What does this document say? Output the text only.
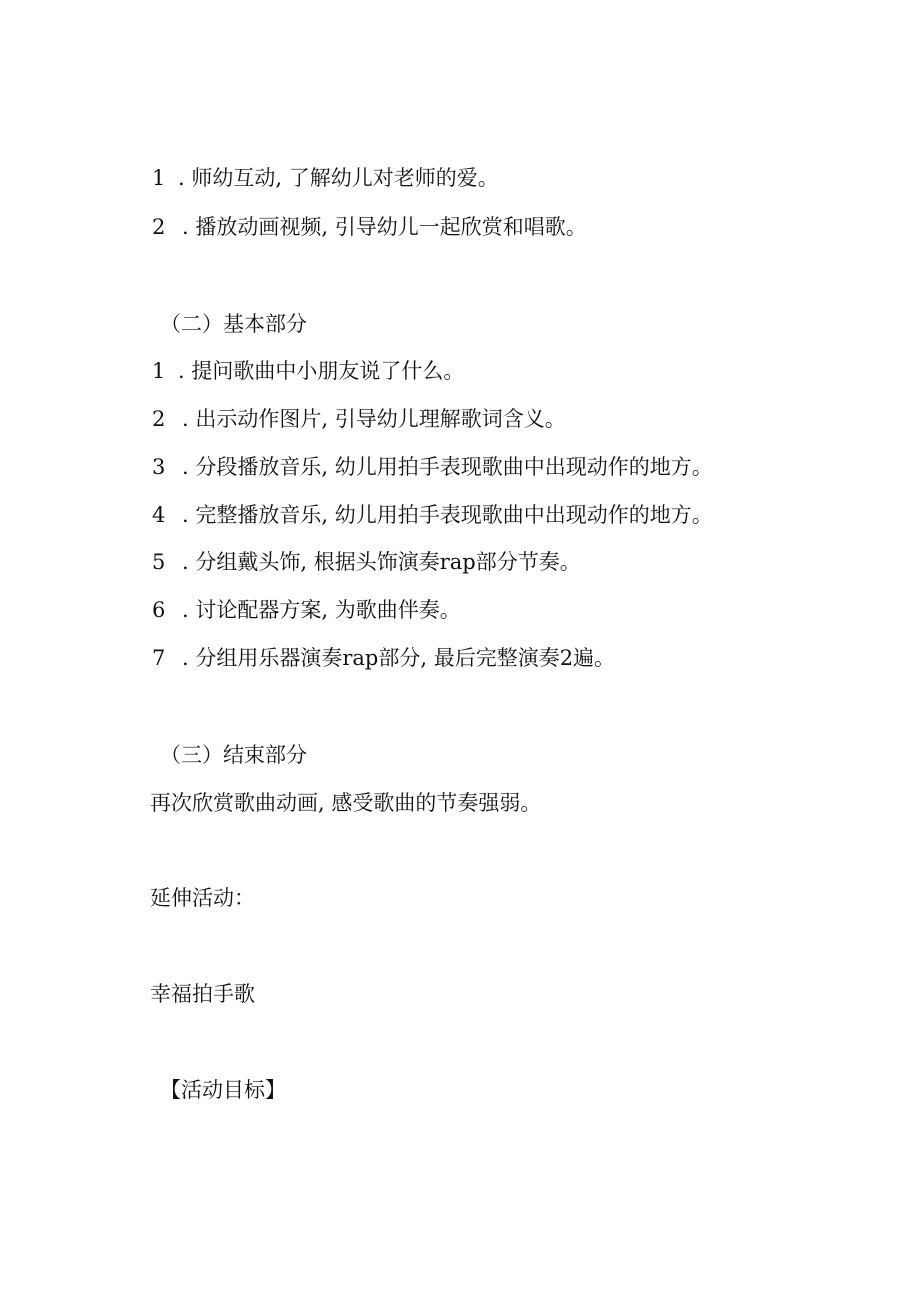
1 . 师幼互动, 了解幼儿对老师的爱。

2 . 播放动画视频, 引导幼儿一起欣赏和唱歌。

（二）基本部分

1 . 提问歌曲中小朋友说了什么。

2 . 出示动作图片, 引导幼儿理解歌词含义。

3 . 分段播放音乐, 幼儿用拍手表现歌曲中出现动作的地方。

4 . 完整播放音乐, 幼儿用拍手表现歌曲中出现动作的地方。

5 . 分组戴头饰, 根据头饰演奏rap部分节奏。

6 . 讨论配器方案, 为歌曲伴奏。

7 . 分组用乐器演奏rap部分, 最后完整演奏2遍。

（三）结束部分

再次欣赏歌曲动画, 感受歌曲的节奏强弱。

延伸活动：

幸福拍手歌

【活动目标】
